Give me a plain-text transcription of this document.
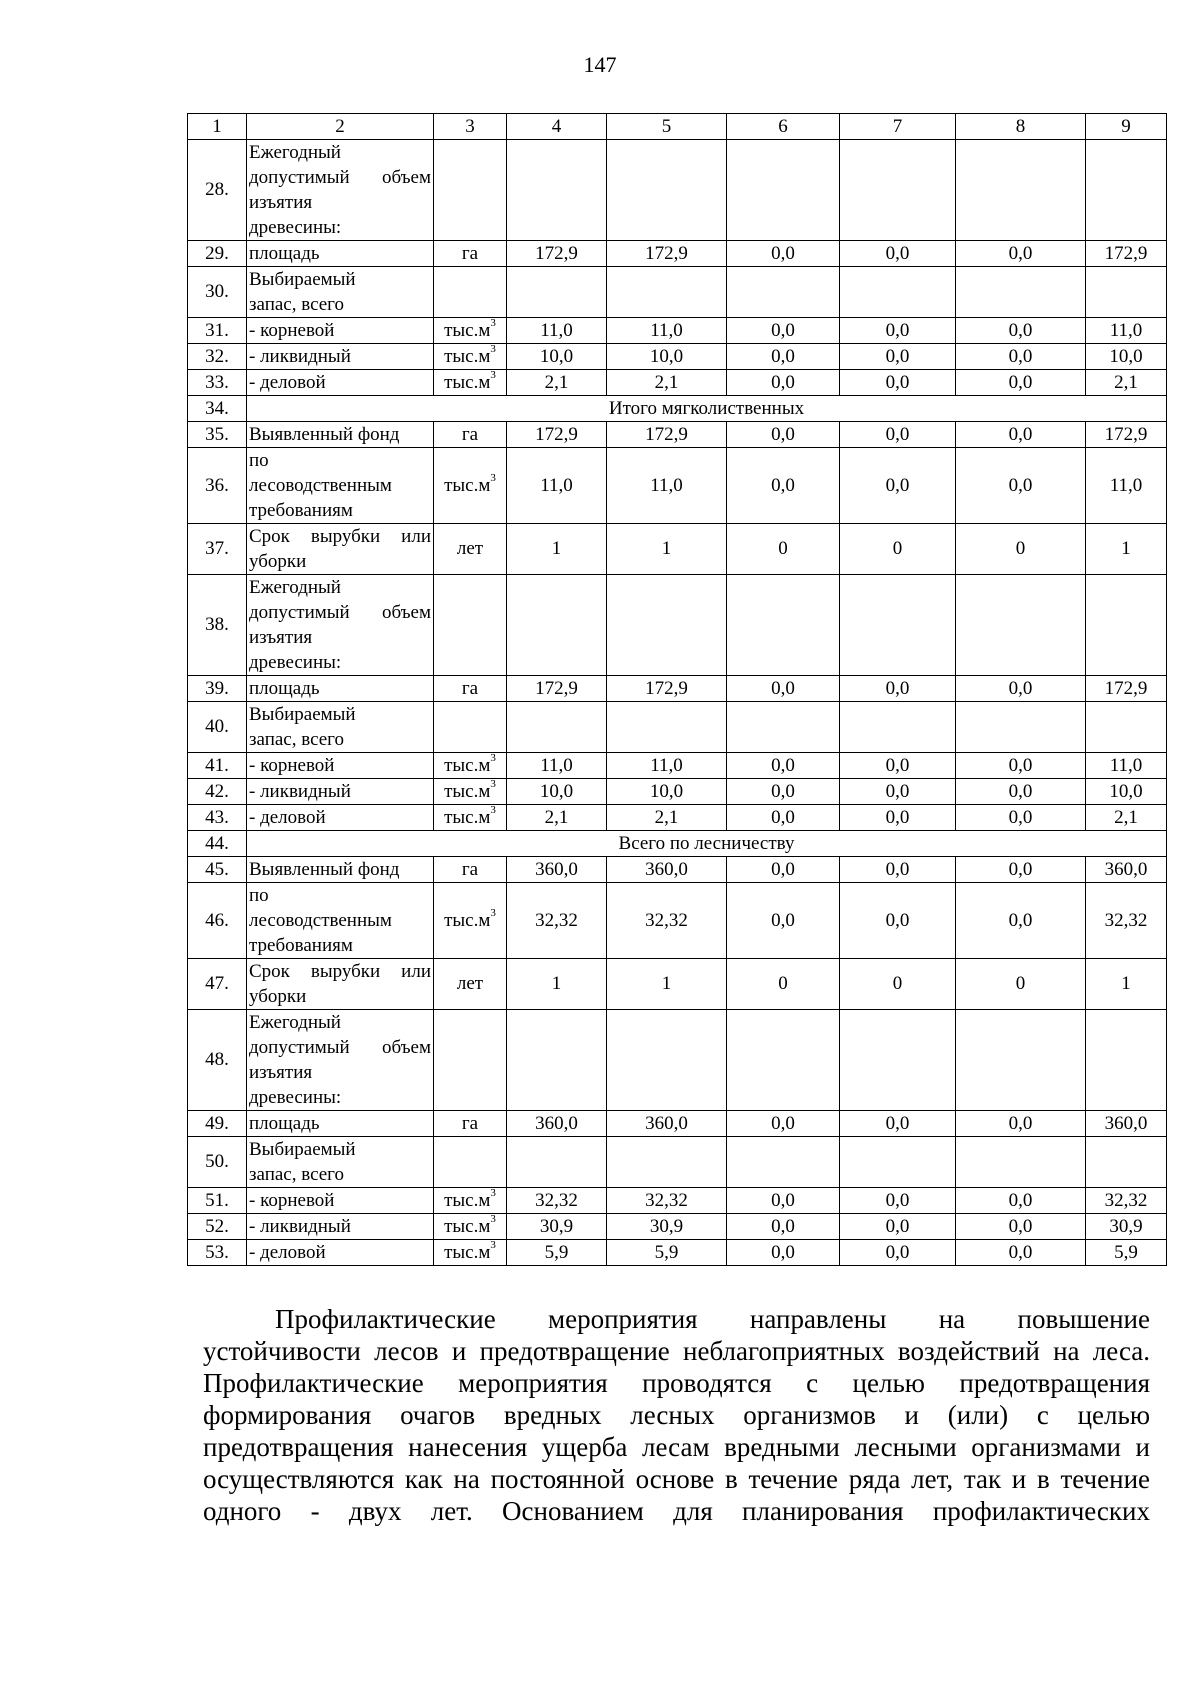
147
1	2	3	4	5	6	7	8	9
28.	Ежегодный
допустимый объем
изъятия
древесины:							

29.	площадь	га	172,9	172,9	0,0	0,0	0,0	172,9
30.	Выбираемый
запас, всего							

31.	- корневой	$тыс.м^3$	11,0	11,0	0,0	0,0	0,0	11,0
32.	- ликвидный	$тыс.м^3$	10,0	10,0	0,0	0,0	0,0	10,0
33.	- деловой	$тыс.м^3$	2,1	2,1	0,0	0,0	0,0	2,1
34.	Итого мягколиственных							
35.	Выявленный фонд	га	172,9	172,9	0,0	0,0	0,0	172,9
36.	по
лесоводственным
требованиям	$тыс.м^3$	11,0	11,0	0,0	0,0	0,0	11,0
37.	Срок вырубки или
уборки	лет	1	1	0	0	0	1
38.	Ежегодный
допустимый объем
изъятия
древесины:							

39.	площадь	га	172,9	172,9	0,0	0,0	0,0	172,9
40.	Выбираемый
запас, всего							

41.	- корневой	$тыс.м^3$	11,0	11,0	0,0	0,0	0,0	11,0
42.	- ликвидный	$тыс.м^3$	10,0	10,0	0,0	0,0	0,0	10,0
43.	- деловой	$тыс.м^3$	2,1	2,1	0,0	0,0	0,0	2,1
44.	Всего по лесничеству							
45.	Выявленный фонд	га	360,0	360,0	0,0	0,0	0,0	360,0
46.	по
лесоводственным
требованиям	$тыс.м^3$	32,32	32,32	0,0	0,0	0,0	32,32
47.	Срок вырубки или
уборки	лет	1	1	0	0	0	1
48.	Ежегодный
допустимый объем
изъятия
древесины:							

49.	площадь	га	360,0	360,0	0,0	0,0	0,0	360,0
50.	Выбираемый
запас, всего							

51.	- корневой	$тыс.м^3$	32,32	32,32	0,0	0,0	0,0	32,32
52.	- ликвидный	$тыс.м^3$	30,9	30,9	0,0	0,0	0,0	30,9
53.	- деловой	$тыс.м^3$	5,9	5,9	0,0	0,0	0,0	5,9
Профилактические мероприятия направлены на повышение
устойчивости лесов и предотвращение неблагоприятных воздействий на леса.
Профилактические мероприятия проводятся с целью предотвращения
формирования очагов вредных лесных организмов и (или) с целью
предотвращения нанесения ущерба лесам вредными лесными организмами и
осуществляются как на постоянной основе в течение ряда лет, так и в течение
одного - двух лет. Основанием для планирования профилактических
